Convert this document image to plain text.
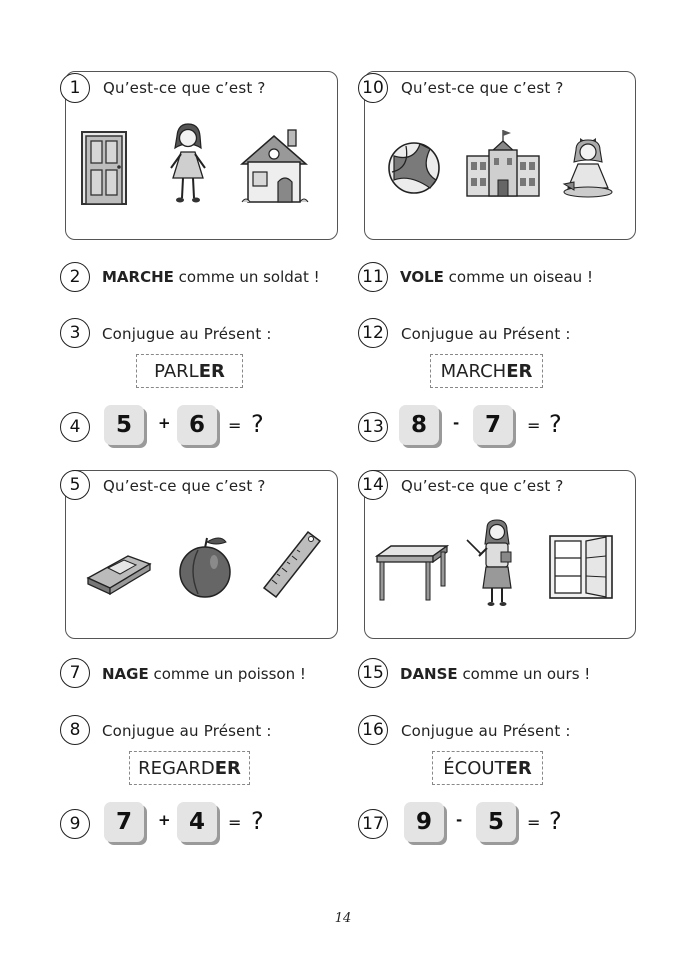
1	Qu’est-ce que c’est ?	10 Qu’est-ce que c’est ?
2	MARCHE comme un soldat !	11 VOLE comme un oiseau !
3	Conjugue au Présent :
PARL ER
12 Conjugue au Présent :
MARCH ER
4	5	+ 6	= ?	13	8	-	7	= ?
5	Qu’est-ce que c’est ?	14 Qu’est-ce que c’est ?
7	NAGE comme un poisson !	15 DANSE comme un ours !
8	Conjugue au Présent :
REGARD ER
16 Conjugue au Présent :
ÉCOUT ER
9	7	+ 4	= ?	17	9	-	5	= ?
14
